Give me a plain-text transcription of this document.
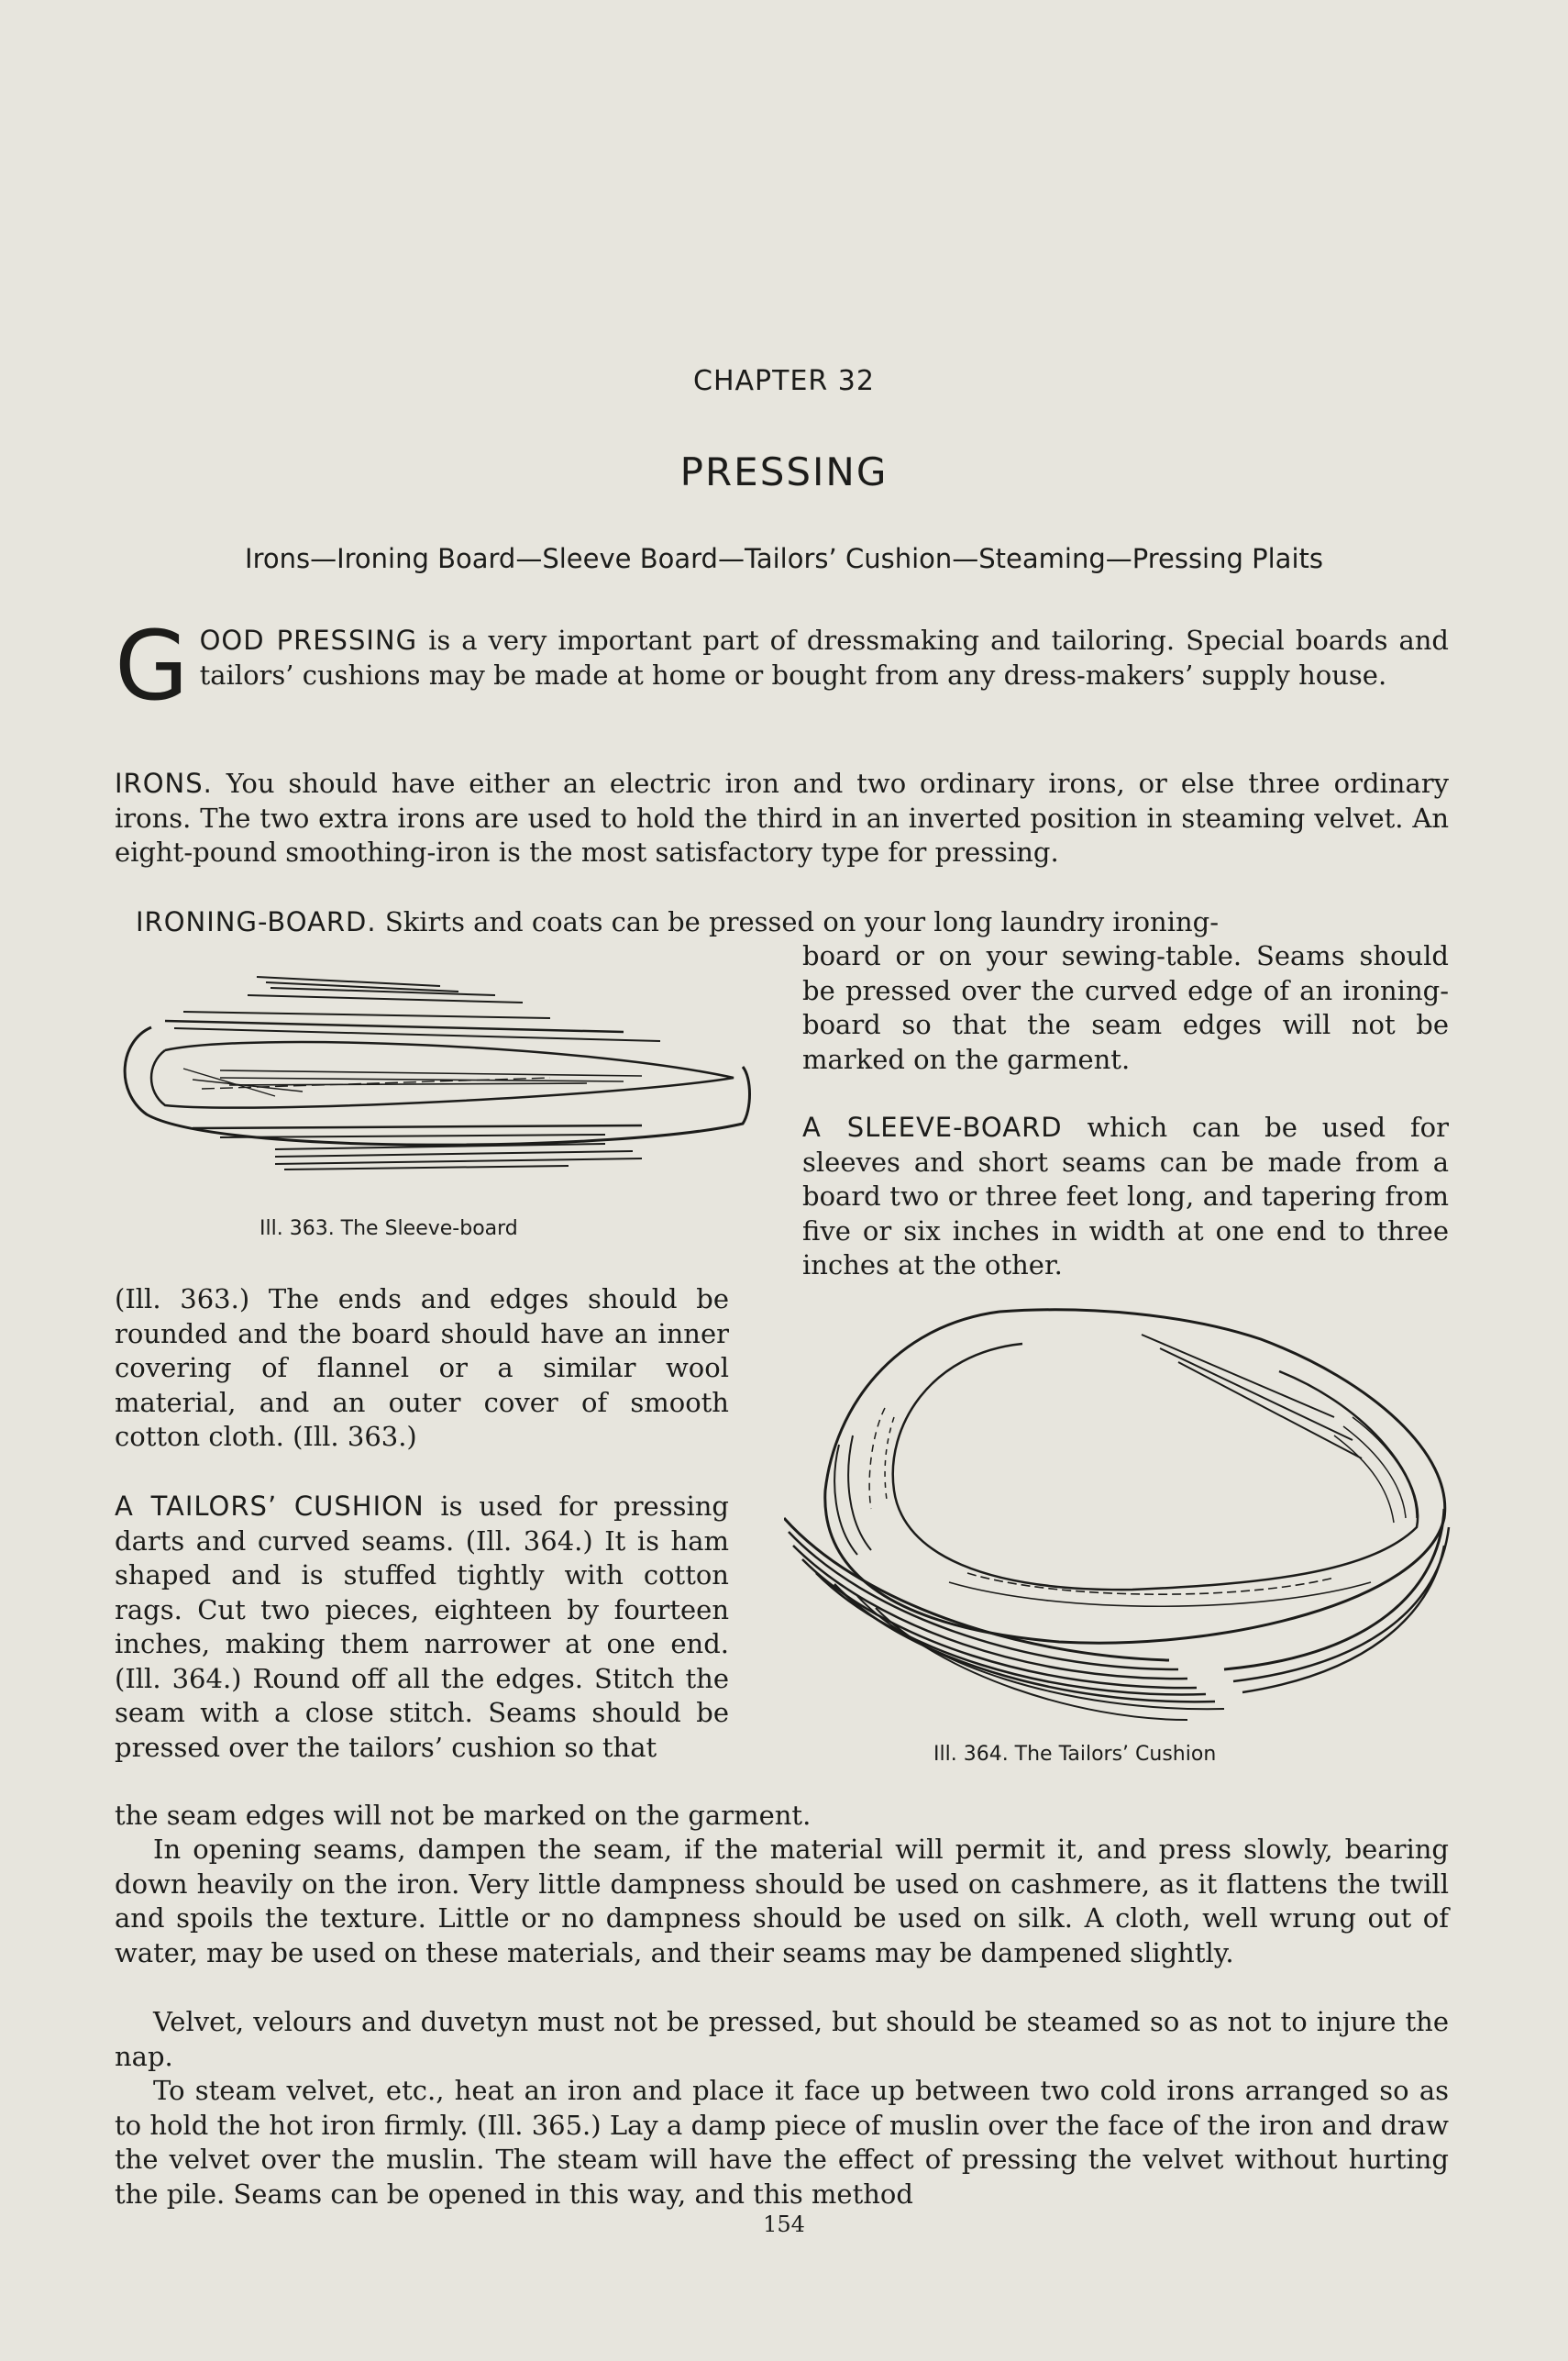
CHAPTER 32
PRESSING
Irons—Ironing Board—Sleeve Board—Tailors’ Cushion—Steaming—Pressing Plaits
GOOD PRESSING is a very important part of dressmaking and tailoring. Special boards and tailors’ cushions may be made at home or bought from any dress-makers’ supply house.
IRONS. You should have either an electric iron and two ordinary irons, or else three ordinary irons. The two extra irons are used to hold the third in an inverted position in steaming velvet. An eight-pound smoothing-iron is the most satisfactory type for pressing.
IRONING-BOARD. Skirts and coats can be pressed on your long laundry ironing-
board or on your sewing-table. Seams should be pressed over the curved edge of an ironing-board so that the seam edges will not be marked on the garment.
Ill. 363. The Sleeve-board
A SLEEVE-BOARD which can be used for sleeves and short seams can be made from a board two or three feet long, and tapering from five or six inches in width at one end to three inches at the other.
(Ill. 363.) The ends and edges should be rounded and the board should have an inner covering of flannel or a similar wool material, and an outer cover of smooth cotton cloth. (Ill. 363.)
A TAILORS’ CUSHION is used for pressing darts and curved seams. (Ill. 364.) It is ham shaped and is stuffed tightly with cotton rags. Cut two pieces, eighteen by fourteen inches, making them narrower at one end. (Ill. 364.) Round off all the edges. Stitch the seam with a close stitch. Seams should be pressed over the tailors’ cushion so that
the seam edges will not be marked on the garment.
Ill. 364. The Tailors’ Cushion
In opening seams, dampen the seam, if the material will permit it, and press slowly, bearing down heavily on the iron. Very little dampness should be used on cashmere, as it flattens the twill and spoils the texture. Little or no dampness should be used on silk. A cloth, well wrung out of water, may be used on these materials, and their seams may be dampened slightly.
Velvet, velours and duvetyn must not be pressed, but should be steamed so as not to injure the nap.
To steam velvet, etc., heat an iron and place it face up between two cold irons arranged so as to hold the hot iron firmly. (Ill. 365.) Lay a damp piece of muslin over the face of the iron and draw the velvet over the muslin. The steam will have the effect of pressing the velvet without hurting the pile. Seams can be opened in this way, and this method
154
